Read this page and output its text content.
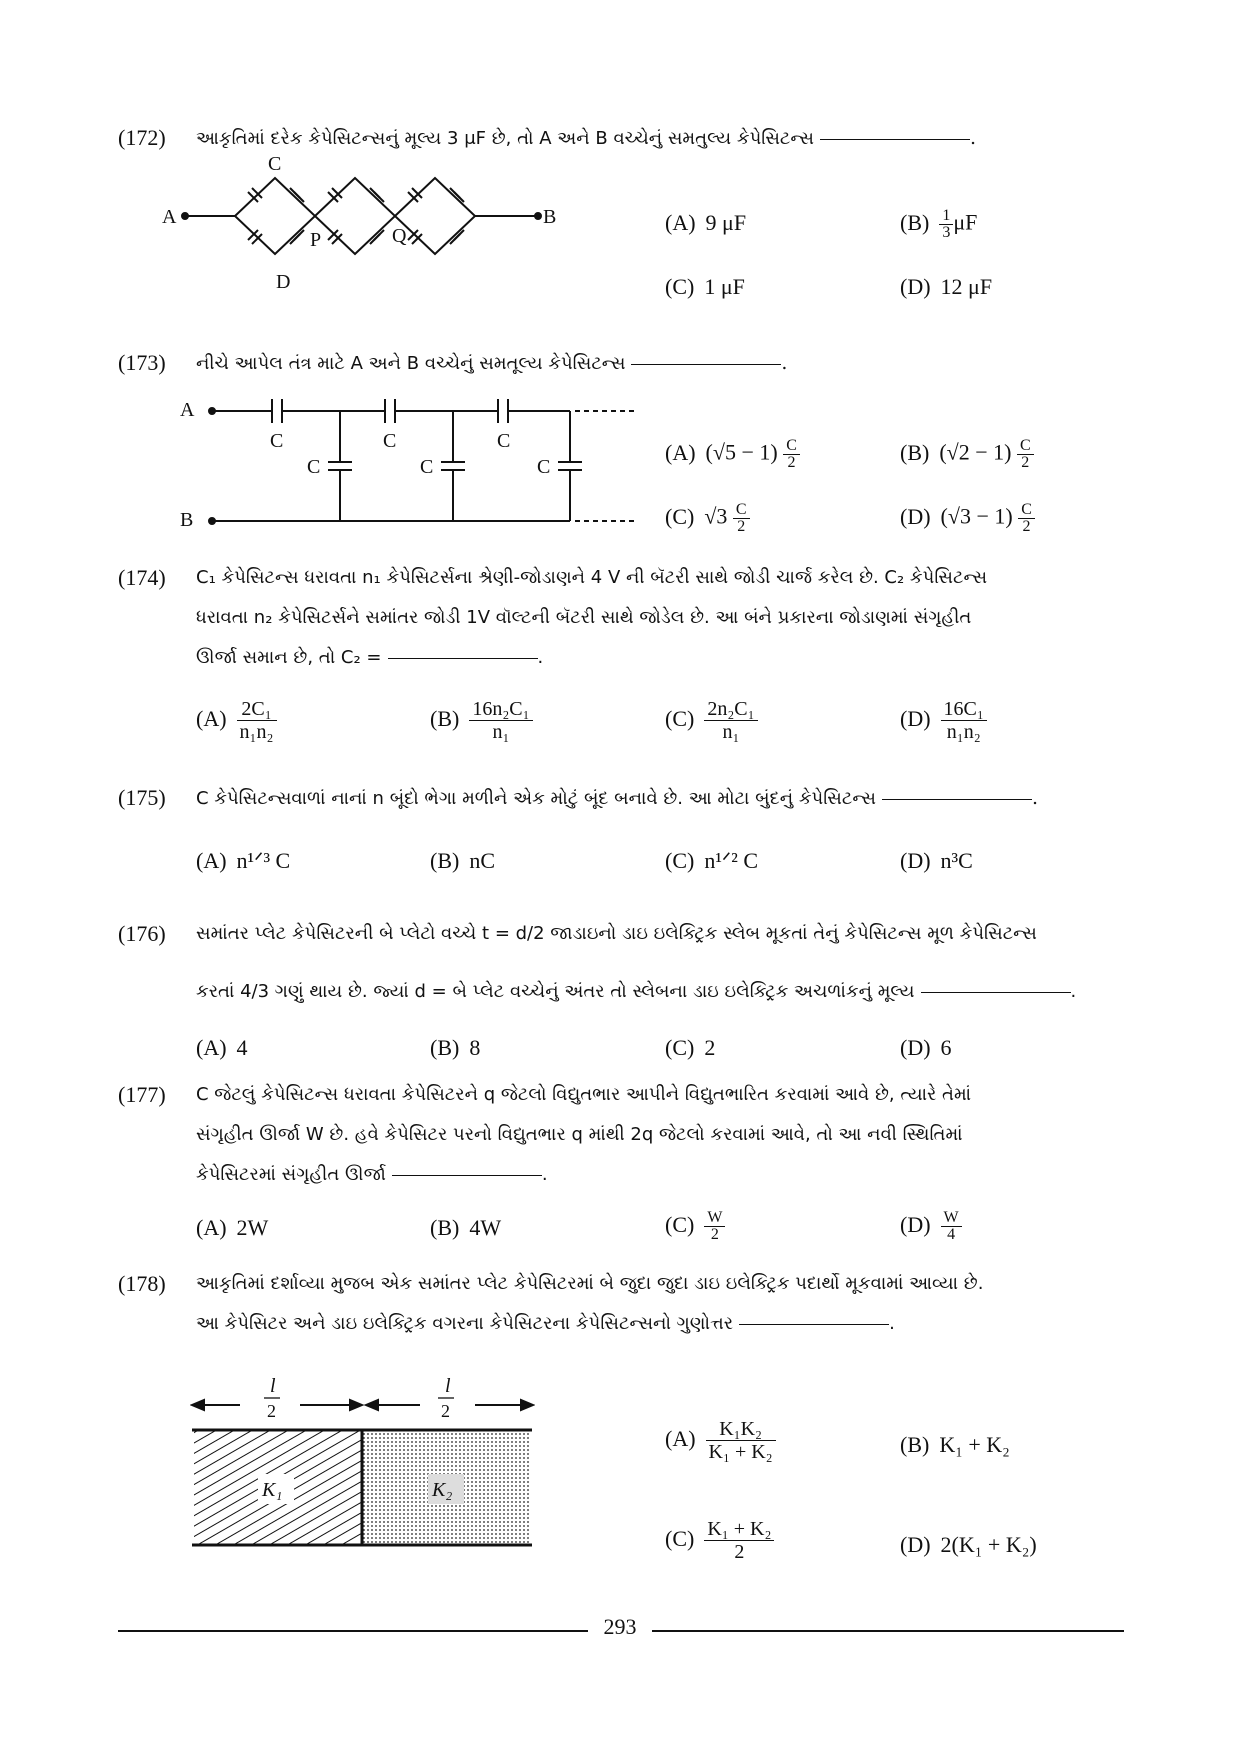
(172) આકૃતિમાં દરેક કેપેસિટન્સનું મૂલ્ય 3 μF છે, તો A અને B વચ્ચેનું સમતુલ્ય કેપેસિટન્સ	.
A	B
C
D
P	Q
(A) 9 μF	$(B) \frac{1}{3}$ μF
(C) 1 μF	(D) 12 μF
(173) નીચે આપેલ તંત્ર માટે A અને B વચ્ચેનું સમતૂલ્ય કેપેસિટન્સ	.
A
B
C	C	C
C	C	C
(A) $(√5 - 1) \frac{C}{2}$	(B) $(√2 - 1) \frac{C}{2}$
(C) $√3 \frac{C}{2}$	(D) $(√3 - 1) \frac{C}{2}$
(174) C₁ કેપેસિટન્સ ધરાવતા n₁ કેપેસિટર્સના શ્રેણી-જોડાણને 4 V ની બૅટરી સાથે જોડી ચાર્જ કરેલ છે. C₂ કેપેસિટન્સ
ધરાવતા n₂ કેપેસિટર્સને સમાંતર જોડી 1V વૉલ્ટની બૅટરી સાથે જોડેલ છે. આ બંને પ્રકારના જોડાણમાં સંગૃહીત
ઊર્જા સમાન છે, તો C₂ =	.
$(A) \frac{\text{2C₁}}{\text{n₁n₂}}$	$(B) \frac{\text{16n₂C₁}}{\text{n₁}}$	$(C) \frac{\text{2n₂C₁}}{\text{n₁}}$	$(D) \frac{\text{16C₁}}{\text{n₁n₂}}$
(175) C કેપેસિટન્સવાળાં નાનાં n બૂંદો ભેગા મળીને એક મોટું બૂંદ બનાવે છે. આ મોટા બુંદનું કેપેસિટન્સ	.
(A) n¹ᐟ³ C	(B) nC	(C) n¹ᐟ² C	(D) n³C
(176) સમાંતર પ્લેટ કેપેસિટરની બે પ્લેટો વચ્ચે t = d/2 જાડાઇનો ડાઇ ઇલેક્ટ્રિક સ્લેબ મૂકતાં તેનું કેપેસિટન્સ મૂળ કેપેસિટન્સ
કરતાં 4/3 ગણું થાય છે. જ્યાં d = બે પ્લેટ વચ્ચેનું અંતર તો સ્લેબના ડાઇ ઇલેક્ટ્રિક અચળાંકનું મૂલ્ય	.
(A) 4	(B) 8	(C) 2	(D) 6
(177) C જેટલું કેપેસિટન્સ ધરાવતા કેપેસિટરને q જેટલો વિદ્યુતભાર આપીને વિદ્યુતભારિત કરવામાં આવે છે, ત્યારે તેમાં
સંગૃહીત ઊર્જા W છે. હવે કેપેસિટર પરનો વિદ્યુતભાર q માંથી 2q જેટલો કરવામાં આવે, તો આ નવી સ્થિતિમાં
કેપેસિટરમાં સંગૃહીત ઊર્જા	.
(A) 2W	(B) 4W	$(C) \frac{W}{2}$	$(D) \frac{W}{4}$
(178) આકૃતિમાં દર્શાવ્યા મુજબ એક સમાંતર પ્લેટ કેપેસિટરમાં બે જુદા જુદા ડાઇ ઇલેક્ટ્રિક પદાર્થો મૂકવામાં આવ્યા છે.
આ કેપેસિટર અને ડાઇ ઇલેક્ટ્રિક વગરના કેપેસિટરના કેપેસિટન્સનો ગુણોત્તર	.
l	l
2	2
K₁	K₂
$(A) \frac{\text{K₁K₂}}{\text{K₁ + K₂}}$	(B) K₁ + K₂
$(C) \frac{\text{K₁ + K₂}}{2}$	(D) 2(K₁ + K₂)
293
